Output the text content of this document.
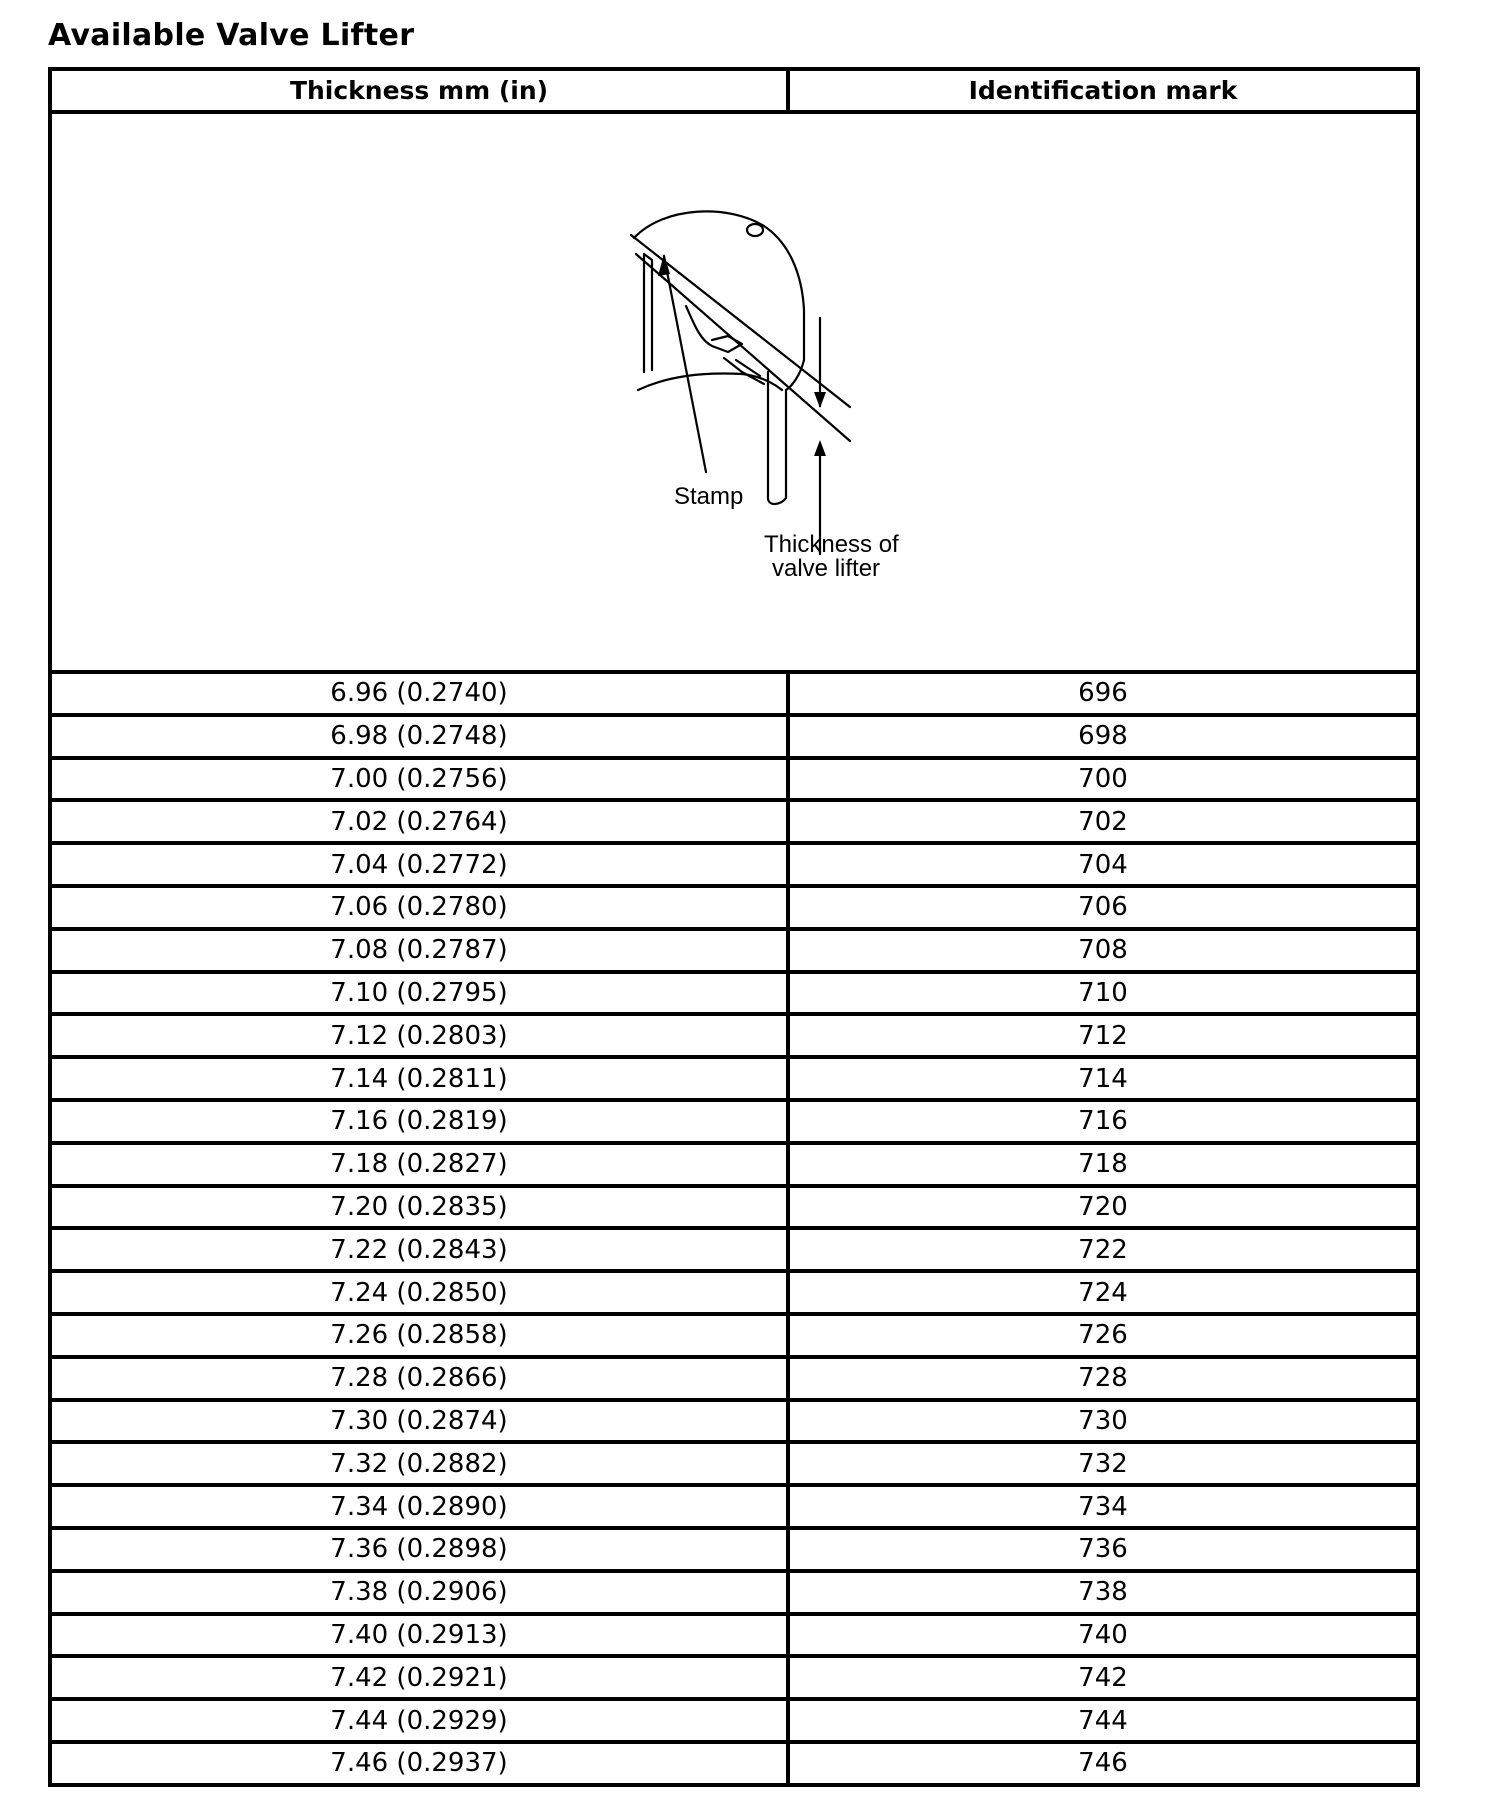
Available Valve Lifter
Thickness mm (in)	Identification mark

Stamp
Thickness of
valve lifter	

6.96 (0.2740)	696
6.98 (0.2748)	698
7.00 (0.2756)	700
7.02 (0.2764)	702
7.04 (0.2772)	704
7.06 (0.2780)	706
7.08 (0.2787)	708
7.10 (0.2795)	710
7.12 (0.2803)	712
7.14 (0.2811)	714
7.16 (0.2819)	716
7.18 (0.2827)	718
7.20 (0.2835)	720
7.22 (0.2843)	722
7.24 (0.2850)	724
7.26 (0.2858)	726
7.28 (0.2866)	728
7.30 (0.2874)	730
7.32 (0.2882)	732
7.34 (0.2890)	734
7.36 (0.2898)	736
7.38 (0.2906)	738
7.40 (0.2913)	740
7.42 (0.2921)	742
7.44 (0.2929)	744
7.46 (0.2937)	746
